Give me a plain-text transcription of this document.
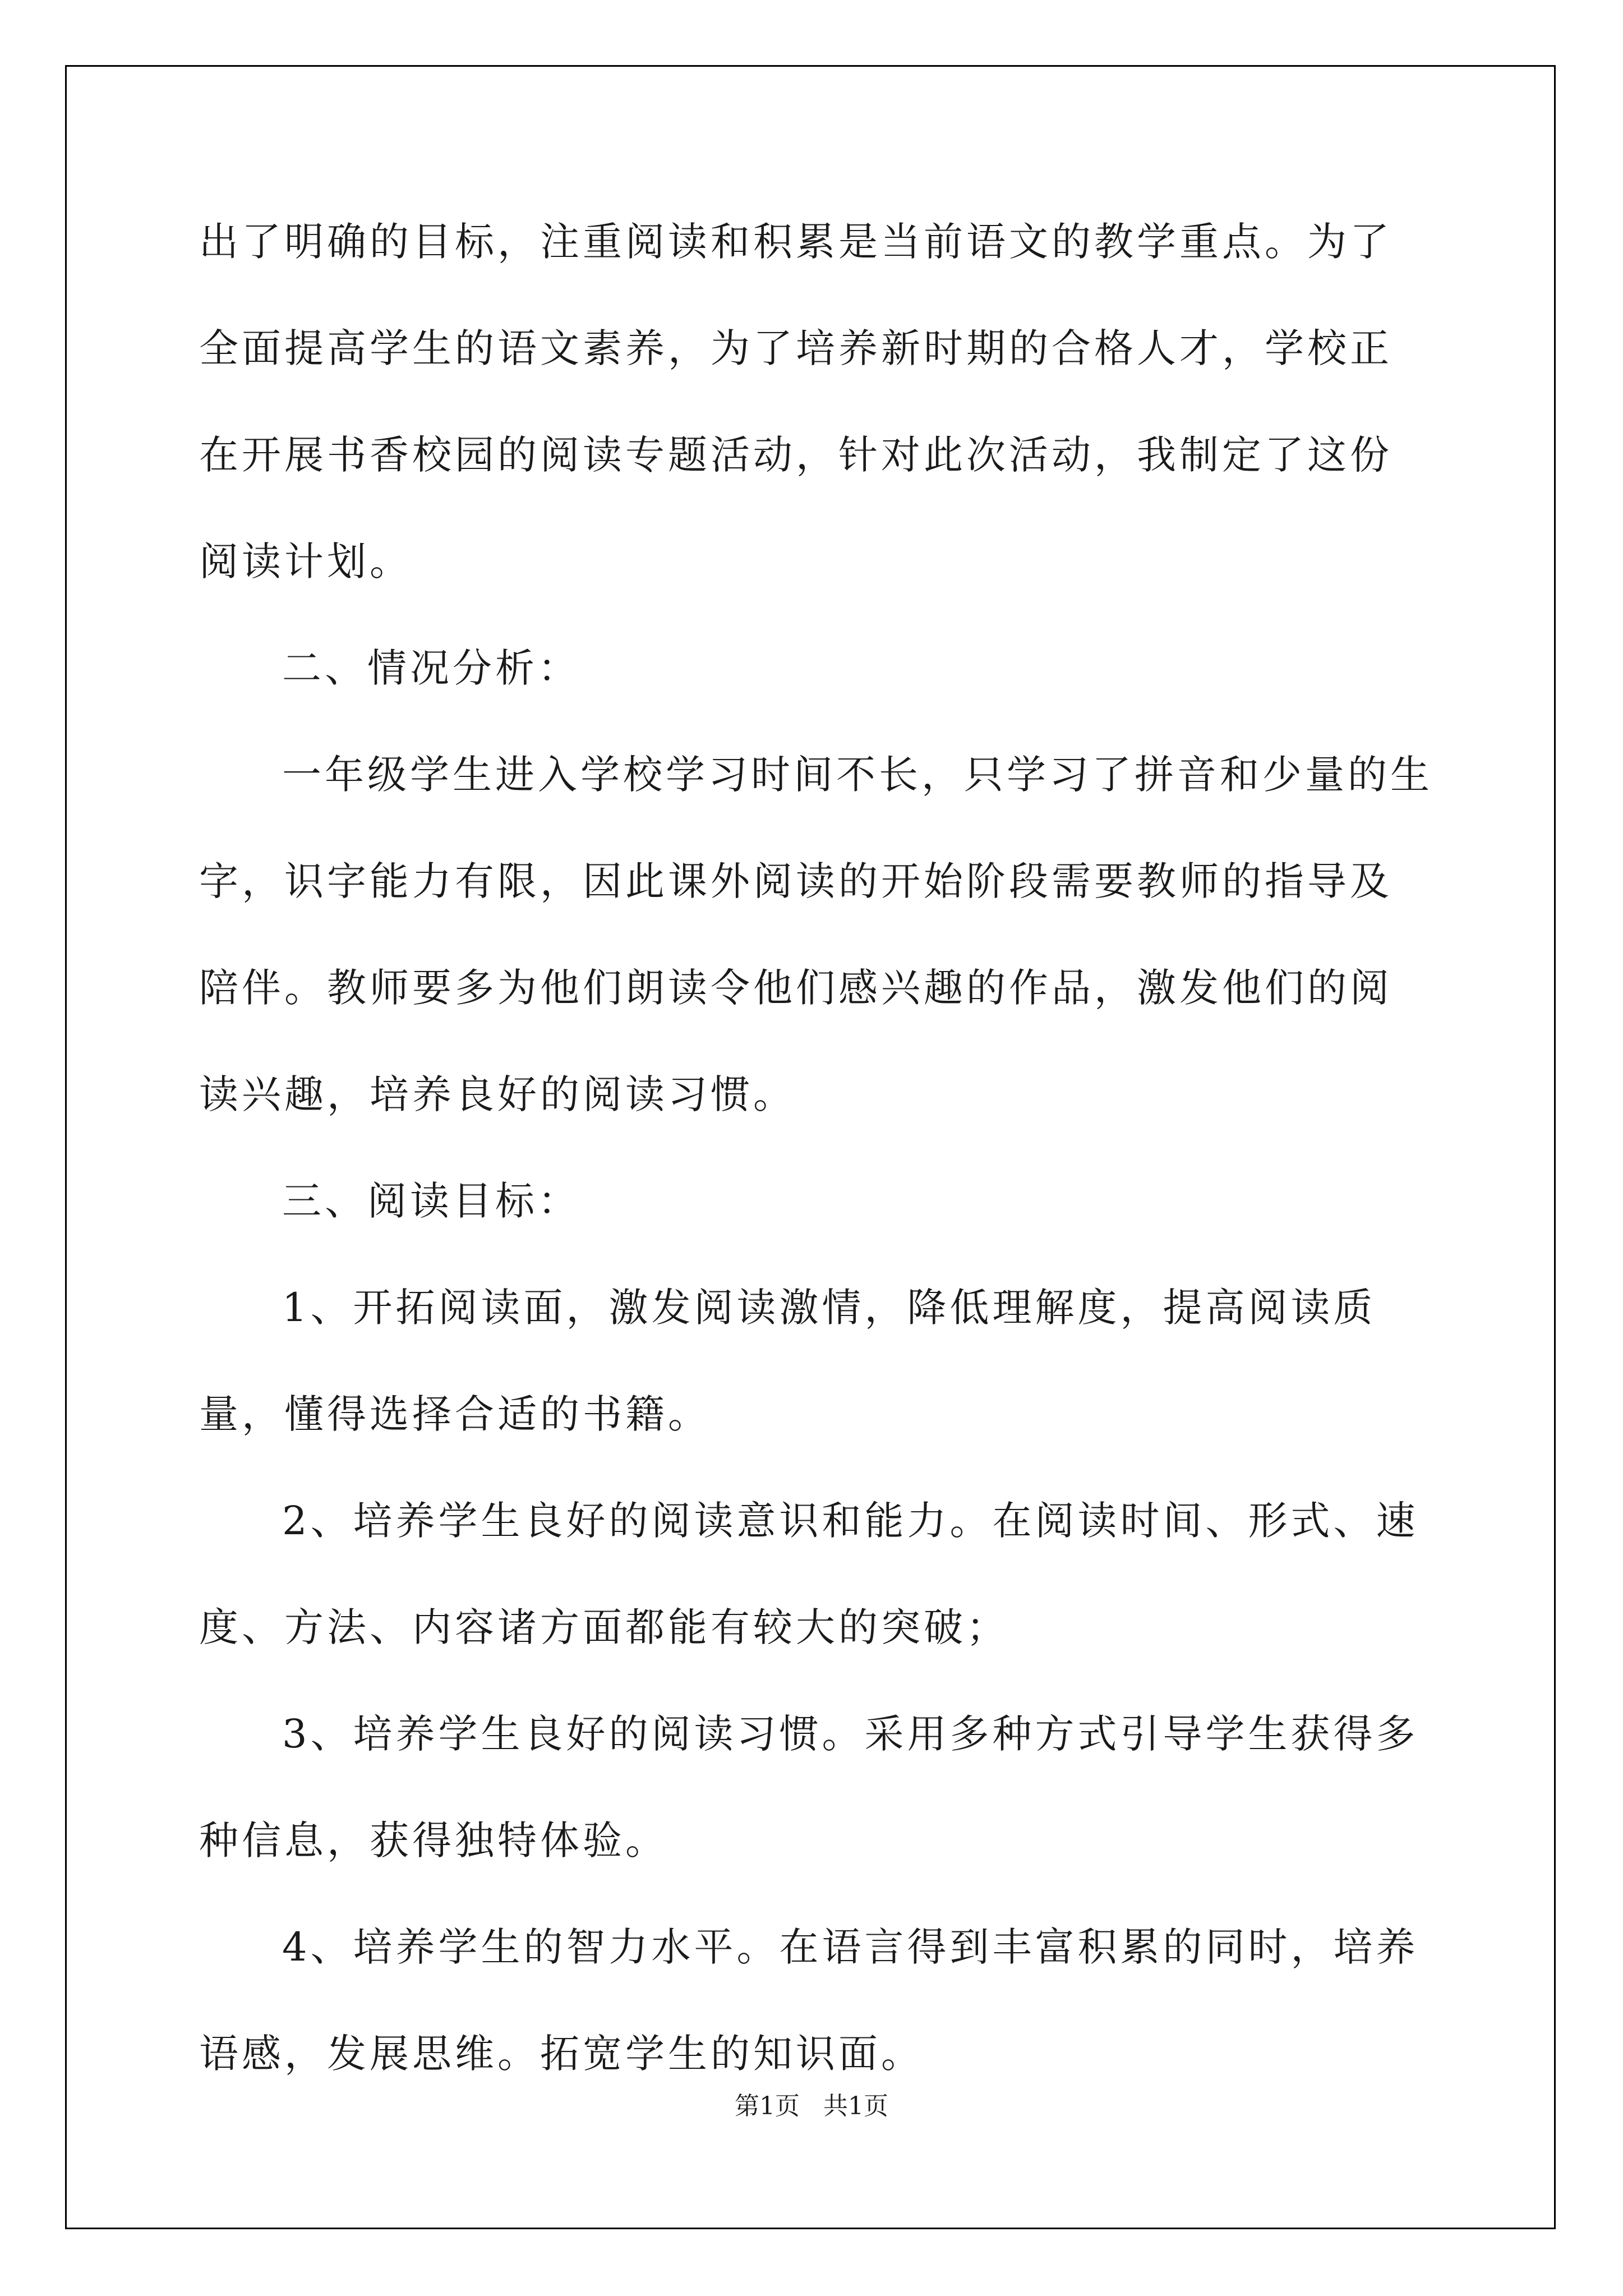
出了明确的目标，注重阅读和积累是当前语文的教学重点。为了全面提高学生的语文素养，为了培养新时期的合格人才，学校正在开展书香校园的阅读专题活动，针对此次活动，我制定了这份阅读计划。

二、情况分析：

一年级学生进入学校学习时间不长，只学习了拼音和少量的生字，识字能力有限，因此课外阅读的开始阶段需要教师的指导及陪伴。教师要多为他们朗读令他们感兴趣的作品，激发他们的阅读兴趣，培养良好的阅读习惯。

三、阅读目标：

1、开拓阅读面，激发阅读激情，降低理解度，提高阅读质量，懂得选择合适的书籍。

2、培养学生良好的阅读意识和能力。在阅读时间、形式、速度、方法、内容诸方面都能有较大的突破；

3、培养学生良好的阅读习惯。采用多种方式引导学生获得多种信息，获得独特体验。

4、培养学生的智力水平。在语言得到丰富积累的同时，培养语感，发展思维。拓宽学生的知识面。

第1页   共1页
